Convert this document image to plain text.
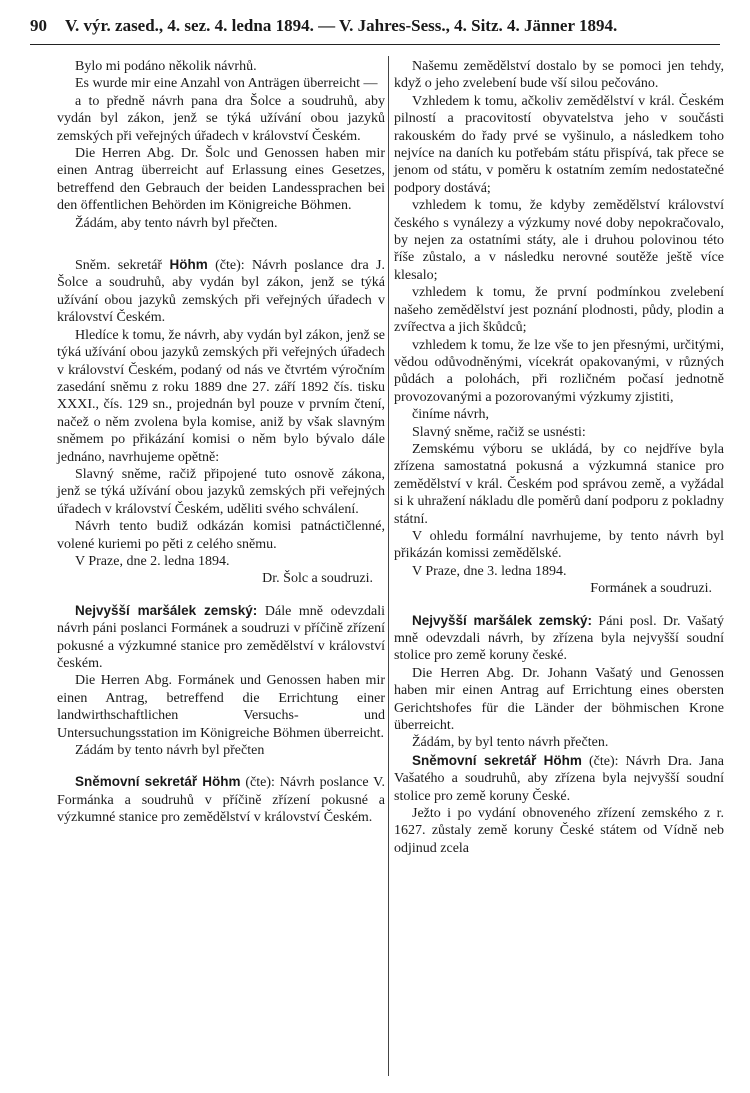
90 V. výr. zased., 4. sez. 4. ledna 1894. — V. Jahres-Sess., 4. Sitz. 4. Jänner 1894.

Bylo mi podáno několik návrhů.

Es wurde mir eine Anzahl von Anträgen überreicht —

a to předně návrh pana dra Šolce a soudruhů, aby vydán byl zákon, jenž se týká užívání obou jazyků zemských při veřejných úřadech v království Českém.

Die Herren Abg. Dr. Šolc und Genossen haben mir einen Antrag überreicht auf Erlassung eines Gesetzes, betreffend den Gebrauch der beiden Landessprachen bei den öffentlichen Behörden im Königreiche Böhmen.

Žádám, aby tento návrh byl přečten.

Sněm. sekretář Höhm (čte): Návrh poslance dra J. Šolce a soudruhů, aby vydán byl zákon, jenž se týká užívání obou jazyků zemských při veřejných úřadech v království Českém.

Hledíce k tomu, že návrh, aby vydán byl zákon, jenž se týká užívání obou jazyků zemských při veřejných úřadech v království Českém, podaný od nás ve čtvrtém výročním zasedání sněmu z roku 1889 dne 27. září 1892 čís. tisku XXXI., čís. 129 sn., projednán byl pouze v prvním čtení, načež o něm zvolena byla komise, aniž by však slavným sněmem po přikázání komisi o něm bylo bývalo dále jednáno, navrhujeme opětně:

Slavný sněme, račiž připojené tuto osnově zákona, jenž se týká užívání obou jazyků zemských při veřejných úřadech v království Českém, uděliti svého schválení.

Návrh tento budiž odkázán komisi patnáctičlenné, volené kuriemi po pěti z celého sněmu.

V Praze, dne 2. ledna 1894.

Dr. Šolc a soudruzi.

Nejvyšší maršálek zemský: Dále mně odevzdali návrh páni poslanci Formánek a soudruzi v příčině zřízení pokusné a výzkumné stanice pro zemědělství v království českém.

Die Herren Abg. Formánek und Genossen haben mir einen Antrag, betreffend die Errichtung einer landwirthschaftlichen Versuchs- und Untersuchungsstation im Königreiche Böhmen überreicht.

Zádám by tento návrh byl přečten

Sněmovní sekretář Höhm (čte): Návrh poslance V. Formánka a soudruhů v příčině zřízení pokusné a výzkumné stanice pro zemědělství v království Českém.

Našemu zemědělství dostalo by se pomoci jen tehdy, když o jeho zvelebení bude vší silou pečováno.

Vzhledem k tomu, ačkoliv zemědělství v král. Českém pilností a pracovitostí obyvatelstva jeho v součásti rakouském do řady prvé se vyšinulo, a následkem toho nejvíce na daních ku potřebám státu přispívá, tak přece se jenom od státu, v poměru k ostatním zemím nedostatečné podpory dostává;

vzhledem k tomu, že kdyby zemědělství království českého s vynálezy a výzkumy nové doby nepokračovalo, by nejen za ostatními státy, ale i druhou polovinou této říše zůstalo, a v následku nerovné soutěže ještě více klesalo;

vzhledem k tomu, že první podmínkou zvelebení našeho zemědělství jest poznání plodnosti, půdy, plodin a zvířectva a jich škůdců;

vzhledem k tomu, že lze vše to jen přesnými, určitými, vědou odůvodněnými, vícekrát opakovanými, v různých půdách a polohách, při rozličném počasí jednotně provozovanými a pozorovanými výzkumy zjistiti,

činíme návrh,

Slavný sněme, račiž se usnésti:

Zemskému výboru se ukládá, by co nejdříve byla zřízena samostatná pokusná a výzkumná stanice pro zemědělství v král. Českém pod správou země, a vyžádal si k uhražení nákladu dle poměrů daní podporu z pokladny státní.

V ohledu formální navrhujeme, by tento návrh byl přikázán komissi zemědělské.

V Praze, dne 3. ledna 1894.

Formánek a soudruzi.

Nejvyšší maršálek zemský: Páni posl. Dr. Vašatý mně odevzdali návrh, by zřízena byla nejvyšší soudní stolice pro země koruny české.

Die Herren Abg. Dr. Johann Vašatý und Genossen haben mir einen Antrag auf Errichtung eines obersten Gerichtshofes für die Länder der böhmischen Krone überreicht.

Žádám, by byl tento návrh přečten.

Sněmovní sekretář Höhm (čte): Návrh Dra. Jana Vašatého a soudruhů, aby zřízena byla nejvyšší soudní stolice pro země koruny České.

Ježto i po vydání obnoveného zřízení zemského z r. 1627. zůstaly země koruny České státem od Vídně neb odjinud zcela
